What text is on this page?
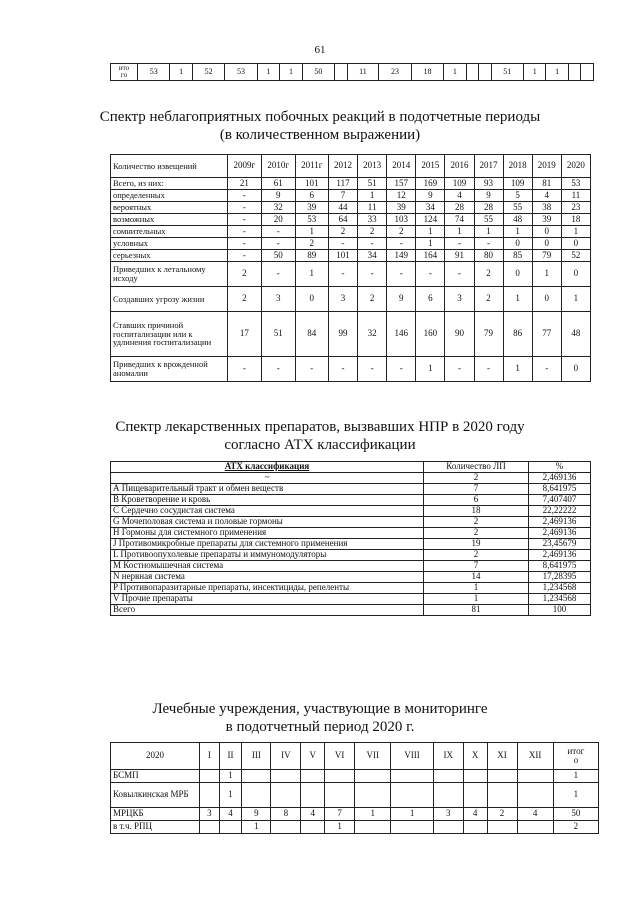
61
ито
го	53	1	52	53	1	1	50		11	23	18	1			51	1	1		
Спектр неблагоприятных побочных реакций в подотчетные периоды
(в количественном выражении)
Количество извещений	2009г	2010г	2011г	2012	2013	2014	2015	2016	2017	2018	2019	2020
Всего, из них:	21	61	101	117	51	157	169	109	93	109	81	53
определенных	-	9	6	7	1	12	9	4	9	5	4	11
вероятных	-	32	39	44	11	39	34	28	28	55	38	23
возможных	-	20	53	64	33	103	124	74	55	48	39	18
сомнительных	-	-	1	2	2	2	1	1	1	1	0	1
условных	-	-	2	-	-	-	1	-	-	0	0	0
серьезных	-	50	89	101	34	149	164	91	80	85	79	52
Приведших к летальному исходу	2	-	1	-	-	-	-	-	2	0	1	0
Создавших угрозу жизни	2	3	0	3	2	9	6	3	2	1	0	1
Ставших причиной госпитализации или к удлинения госпитализации	17	51	84	99	32	146	160	90	79	86	77	48
Приведших к врожденной аномалии	-	-	-	-	-	-	1	-	-	1	-	0
Спектр лекарственных препаратов, вызвавших НПР в 2020 году
согласно АТХ классификации
АТХ классификация	Количество ЛП	%
~	2	2,469136
А Пищеварительный тракт и обмен веществ	7	8,641975
В Кроветворение и кровь	6	7,407407
С Сердечно сосудистая система	18	22,22222
G Мочеполовая система и половые гормоны	2	2,469136
H Гормоны для системного применения	2	2,469136
J Противомикробные препараты для системного применения	19	23,45679
L Противоопухолевые препараты и иммуномодуляторы	2	2,469136
M Костномышечная система	7	8,641975
N нервная система	14	17,28395
P Противопаразитарные препараты, инсектициды, репеленты	1	1,234568
V Прочие препараты	1	1,234568
Всего	81	100
Лечебные учреждения, участвующие в мониторинге
в подотчетный период 2020 г.
2020	I	II	III	IV	V	VI	VII	VIII	IX	X	XI	XII	итог
о
БСМП		1											1
Ковылкинская МРБ		1											1
МРЦКБ	3	4	9	8	4	7	1	1	3	4	2	4	50
в т.ч. РПЦ			1			1							2
